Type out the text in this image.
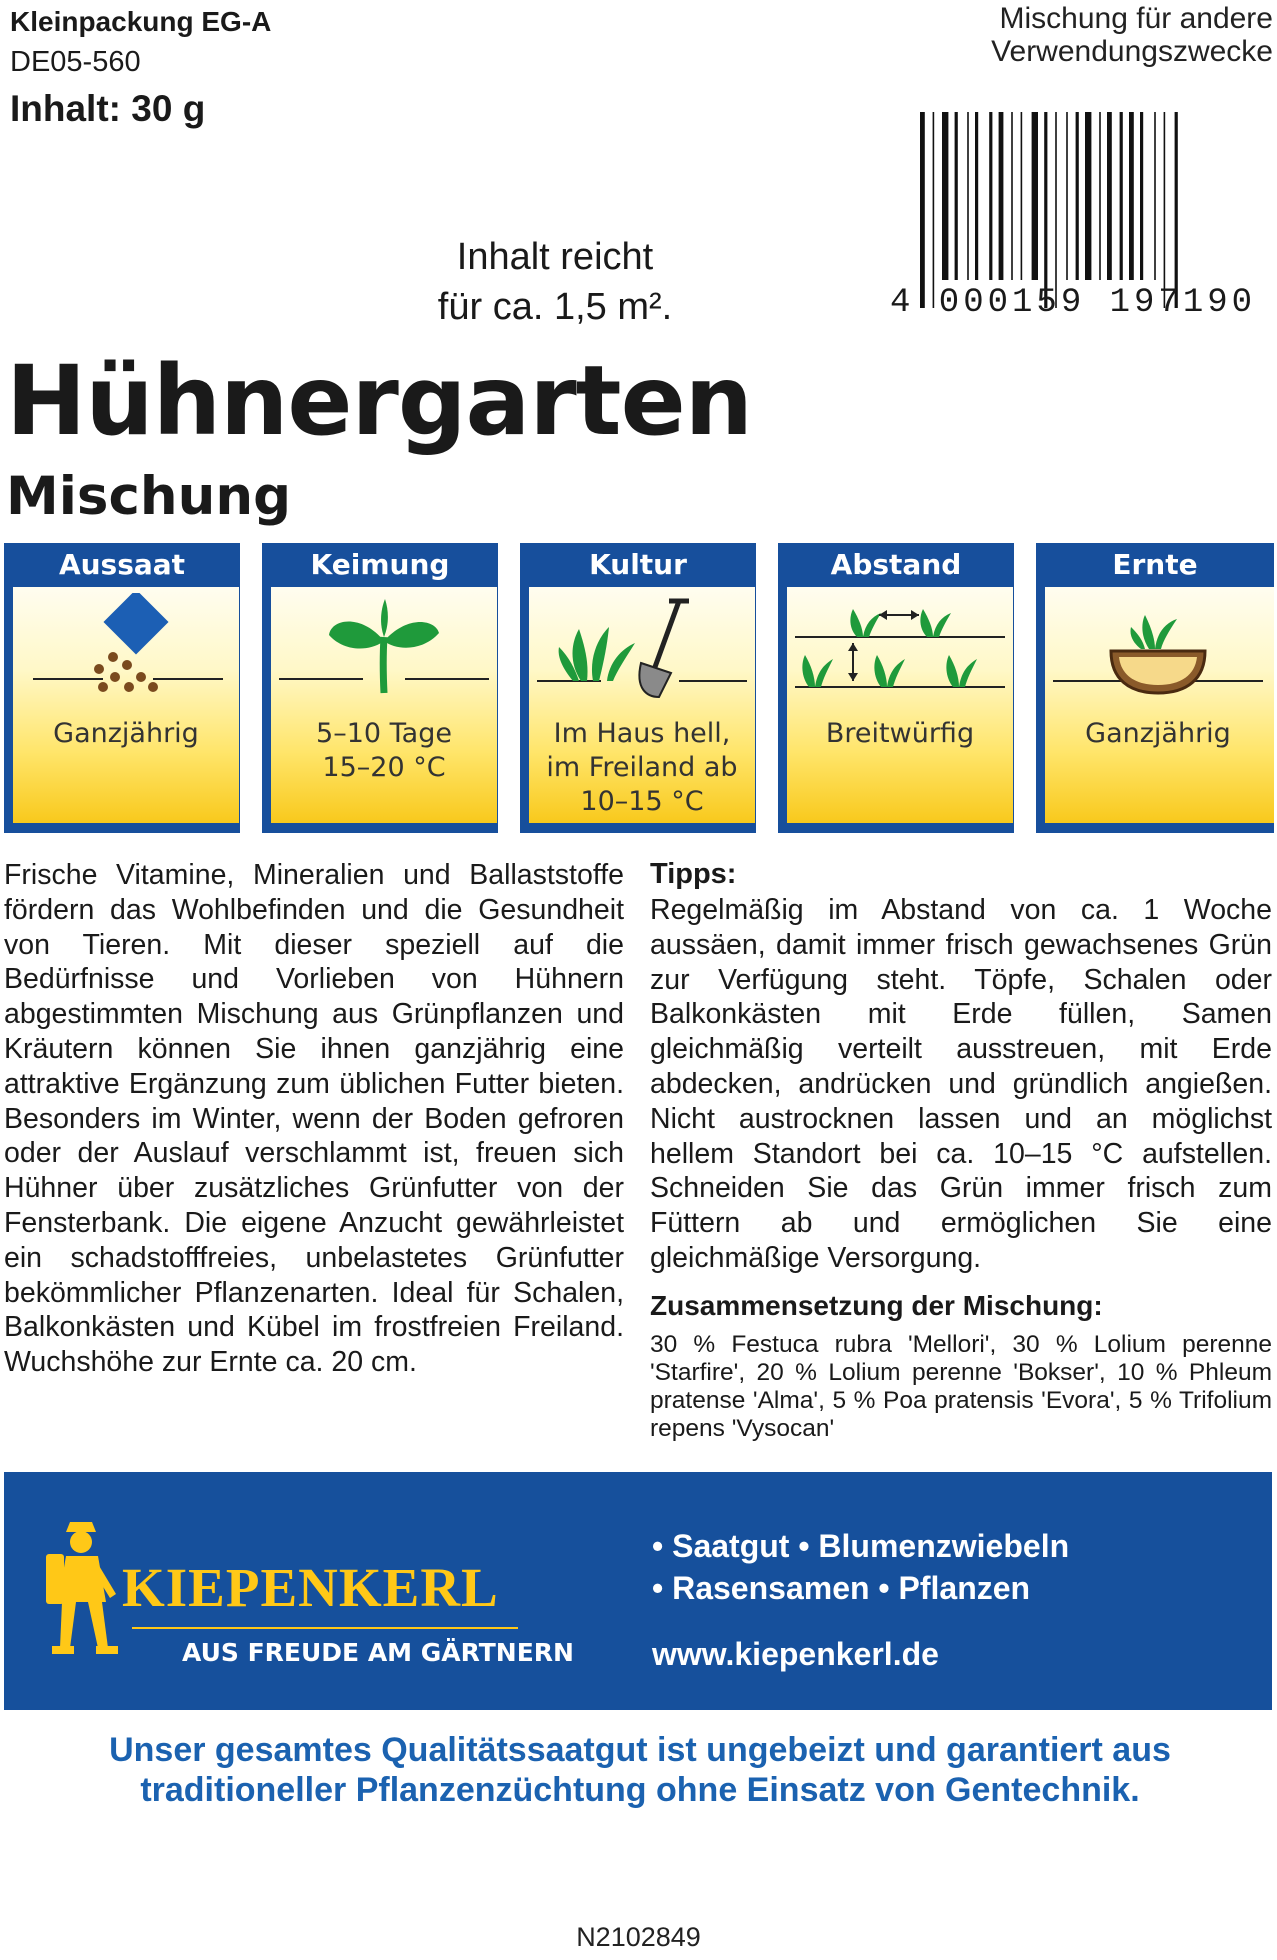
Kleinpackung EG-A
DE05-560
Inhalt: 30 g
Mischung für andere
Verwendungszwecke
Inhalt reicht
für ca. 1,5 m².	4 000159 197190
Hühnergarten
Mischung
Aussaat
Ganzjährig
Keimung
5–10 Tage
15–20 °C
Kultur
Im Haus hell,
im Freiland ab
10–15 °C
Abstand
Breitwürfig
Ernte
Ganzjährig
Frische Vitamine, Mineralien und Ballaststoffe fördern das Wohlbefinden und die Gesundheit von Tieren. Mit dieser speziell auf die Bedürfnisse und Vorlieben von Hühnern abgestimmten Mischung aus Grünpflanzen und Kräutern können Sie ihnen ganzjährig eine attraktive Ergänzung zum üblichen Futter bieten. Besonders im Winter, wenn der Boden gefroren oder der Auslauf verschlammt ist, freuen sich Hühner über zusätzliches Grünfutter von der Fensterbank. Die eigene Anzucht gewährleistet ein schadstofffreies, unbelastetes Grünfutter bekömmlicher Pflanzenarten. Ideal für Schalen, Balkonkästen und Kübel im frostfreien Freiland. Wuchshöhe zur Ernte ca. 20 cm.
Tipps:
Regelmäßig im Abstand von ca. 1 Woche aussäen, damit immer frisch gewachsenes Grün zur Verfügung steht. Töpfe, Schalen oder Balkonkästen mit Erde füllen, Samen gleichmäßig verteilt ausstreuen, mit Erde abdecken, andrücken und gründlich angießen. Nicht austrocknen lassen und an möglichst hellem Standort bei ca. 10–15 °C aufstellen. Schneiden Sie das Grün immer frisch zum Füttern ab und ermöglichen Sie eine gleichmäßige Versorgung.
Zusammensetzung der Mischung:
30 % Festuca rubra 'Mellori', 30 % Lolium perenne 'Starfire', 20 % Lolium perenne 'Bokser', 10 % Phleum pratense 'Alma', 5 % Poa pratensis 'Evora', 5 % Trifolium repens 'Vysocan'
KIEPENKERL
AUS FREUDE AM GÄRTNERN
• Saatgut • Blumenzwiebeln
• Rasensamen • Pflanzen
www.kiepenkerl.de
Unser gesamtes Qualitätssaatgut ist ungebeizt und garantiert aus
traditioneller Pflanzenzüchtung ohne Einsatz von Gentechnik.
N2102849
